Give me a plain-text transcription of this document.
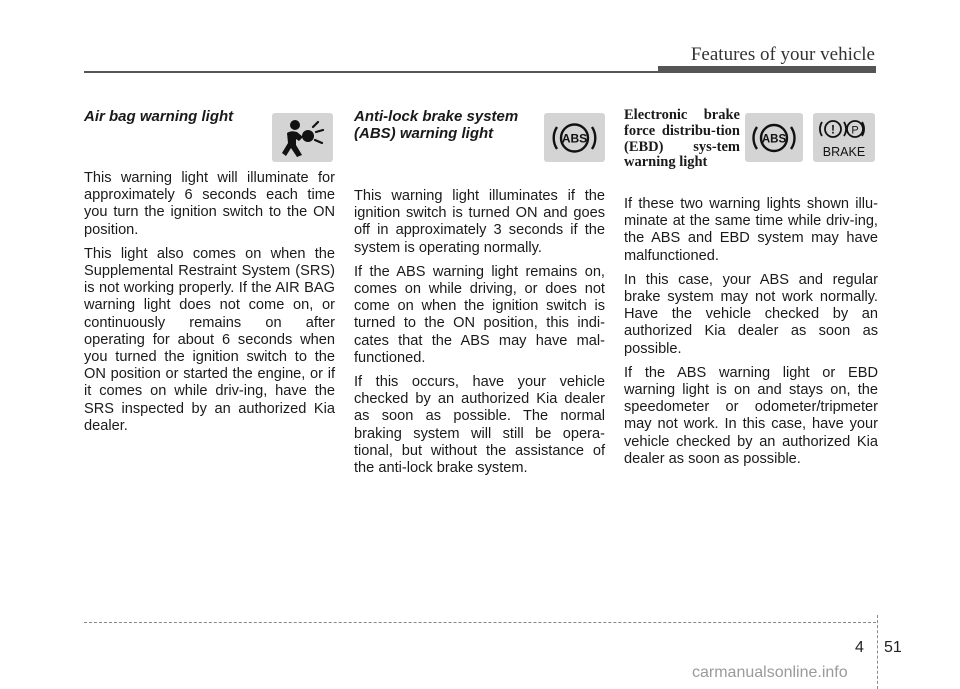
Features of your vehicle
Air bag warning light

This warning light will illuminate for approximately 6 seconds each time you turn the ignition switch to the ON position.

This light also comes on when the Supplemental Restraint System (SRS) is not working properly. If the AIR BAG warning light does not come on, or continuously remains on after operating for about 6 seconds when you turned the ignition switch to the ON position or started the engine, or if it comes on while driv-ing, have the SRS inspected by an authorized Kia dealer.

Anti-lock brake system (ABS) warning light

This warning light illuminates if the ignition switch is turned ON and goes off in approximately 3 seconds if the system is operating normally.

If the ABS warning light remains on, comes on while driving, or does not come on when the ignition switch is turned to the ON position, this indi-cates that the ABS may have mal-functioned.

If this occurs, have your vehicle checked by an authorized Kia dealer as soon as possible. The normal braking system will still be opera-tional, but without the assistance of the anti-lock brake system.

ABS
Electronic brake force distribu-tion (EBD) sys-tem warning light

If these two warning lights shown illu-minate at the same time while driv-ing, the ABS and EBD system may have malfunctioned.

In this case, your ABS and regular brake system may not work normally. Have the vehicle checked by an authorized Kia dealer as soon as possible.

If the ABS warning light or EBD warning light is on and stays on, the speedometer or odometer/tripmeter may not work. In this case, have your vehicle checked by an authorized Kia dealer as soon as possible.

ABS
! P
BRAKE
4 51
carmanualsonline.info
